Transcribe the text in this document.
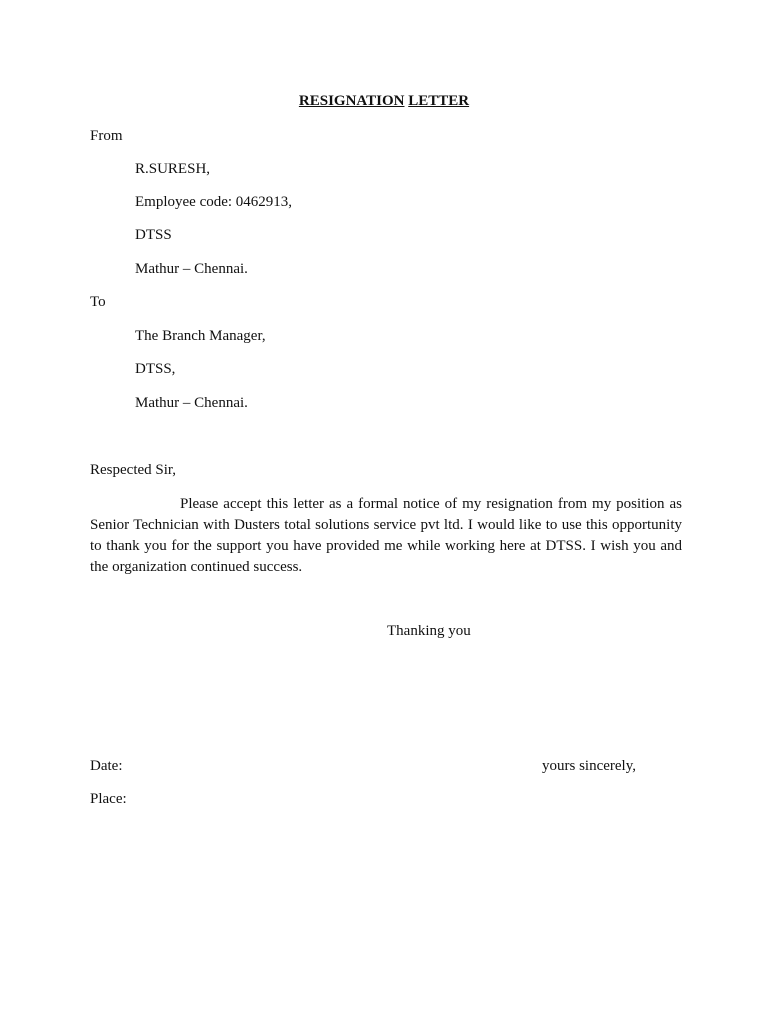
RESIGNATION LETTER
From
R.SURESH,
Employee code: 0462913,
DTSS
Mathur – Chennai.
To
The Branch Manager,
DTSS,
Mathur – Chennai.
Respected Sir,
Please accept this letter as a formal notice of my resignation from my position as Senior Technician with Dusters total solutions service pvt ltd. I would like to use this opportunity to thank you for the support you have provided me while working here at DTSS. I wish you and the organization continued success.
Thanking you
Date:	yours sincerely,
Place:
